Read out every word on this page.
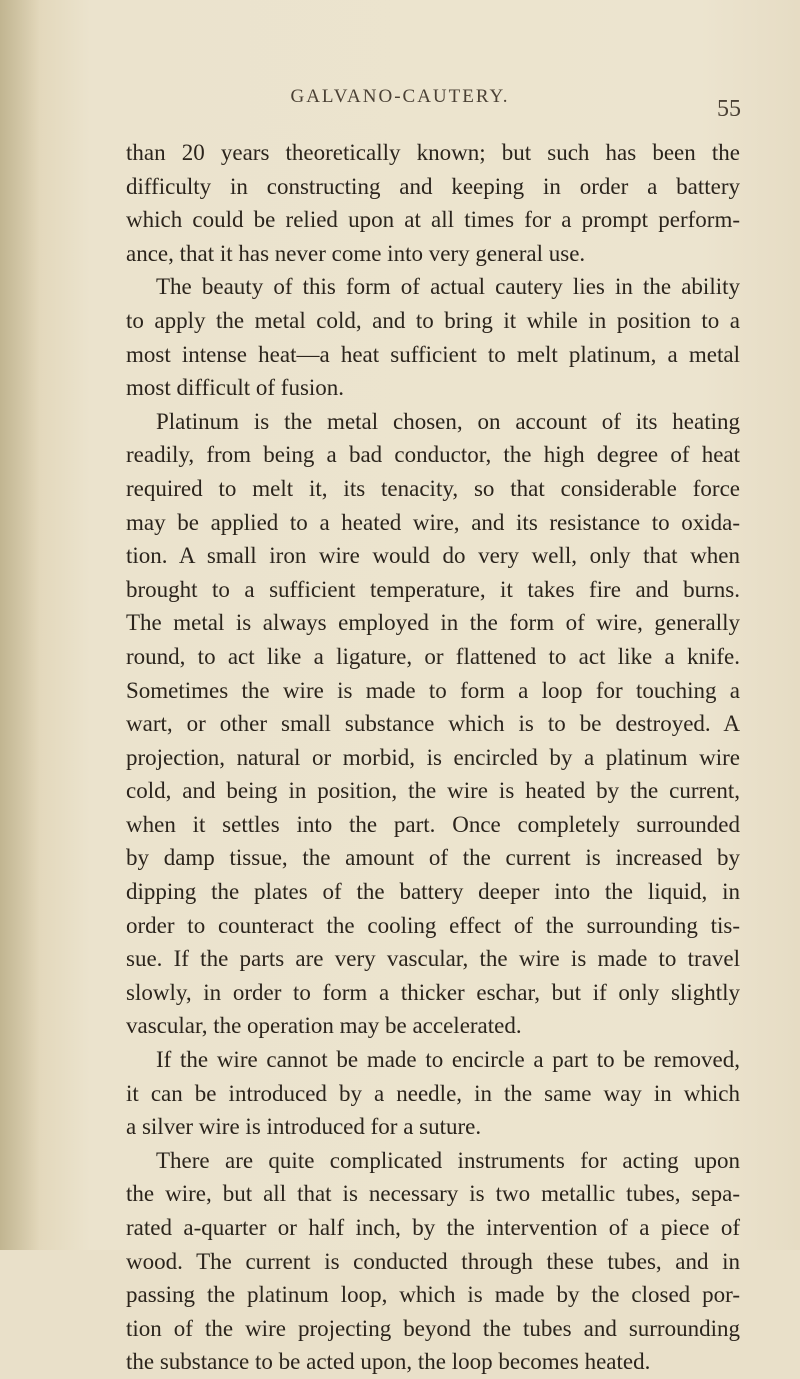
GALVANO-CAUTERY.	55
than 20 years theoretically known; but such has been the
difficulty in constructing and keeping in order a battery
which could be relied upon at all times for a prompt perform-
ance, that it has never come into very general use.
The beauty of this form of actual cautery lies in the ability
to apply the metal cold, and to bring it while in position to a
most intense heat—a heat sufficient to melt platinum, a metal
most difficult of fusion.
Platinum is the metal chosen, on account of its heating
readily, from being a bad conductor, the high degree of heat
required to melt it, its tenacity, so that considerable force
may be applied to a heated wire, and its resistance to oxida-
tion. A small iron wire would do very well, only that when
brought to a sufficient temperature, it takes fire and burns.
The metal is always employed in the form of wire, generally
round, to act like a ligature, or flattened to act like a knife.
Sometimes the wire is made to form a loop for touching a
wart, or other small substance which is to be destroyed. A
projection, natural or morbid, is encircled by a platinum wire
cold, and being in position, the wire is heated by the current,
when it settles into the part. Once completely surrounded
by damp tissue, the amount of the current is increased by
dipping the plates of the battery deeper into the liquid, in
order to counteract the cooling effect of the surrounding tis-
sue. If the parts are very vascular, the wire is made to travel
slowly, in order to form a thicker eschar, but if only slightly
vascular, the operation may be accelerated.
If the wire cannot be made to encircle a part to be removed,
it can be introduced by a needle, in the same way in which
a silver wire is introduced for a suture.
There are quite complicated instruments for acting upon
the wire, but all that is necessary is two metallic tubes, sepa-
rated a-quarter or half inch, by the intervention of a piece of
wood. The current is conducted through these tubes, and in
passing the platinum loop, which is made by the closed por-
tion of the wire projecting beyond the tubes and surrounding
the substance to be acted upon, the loop becomes heated.
